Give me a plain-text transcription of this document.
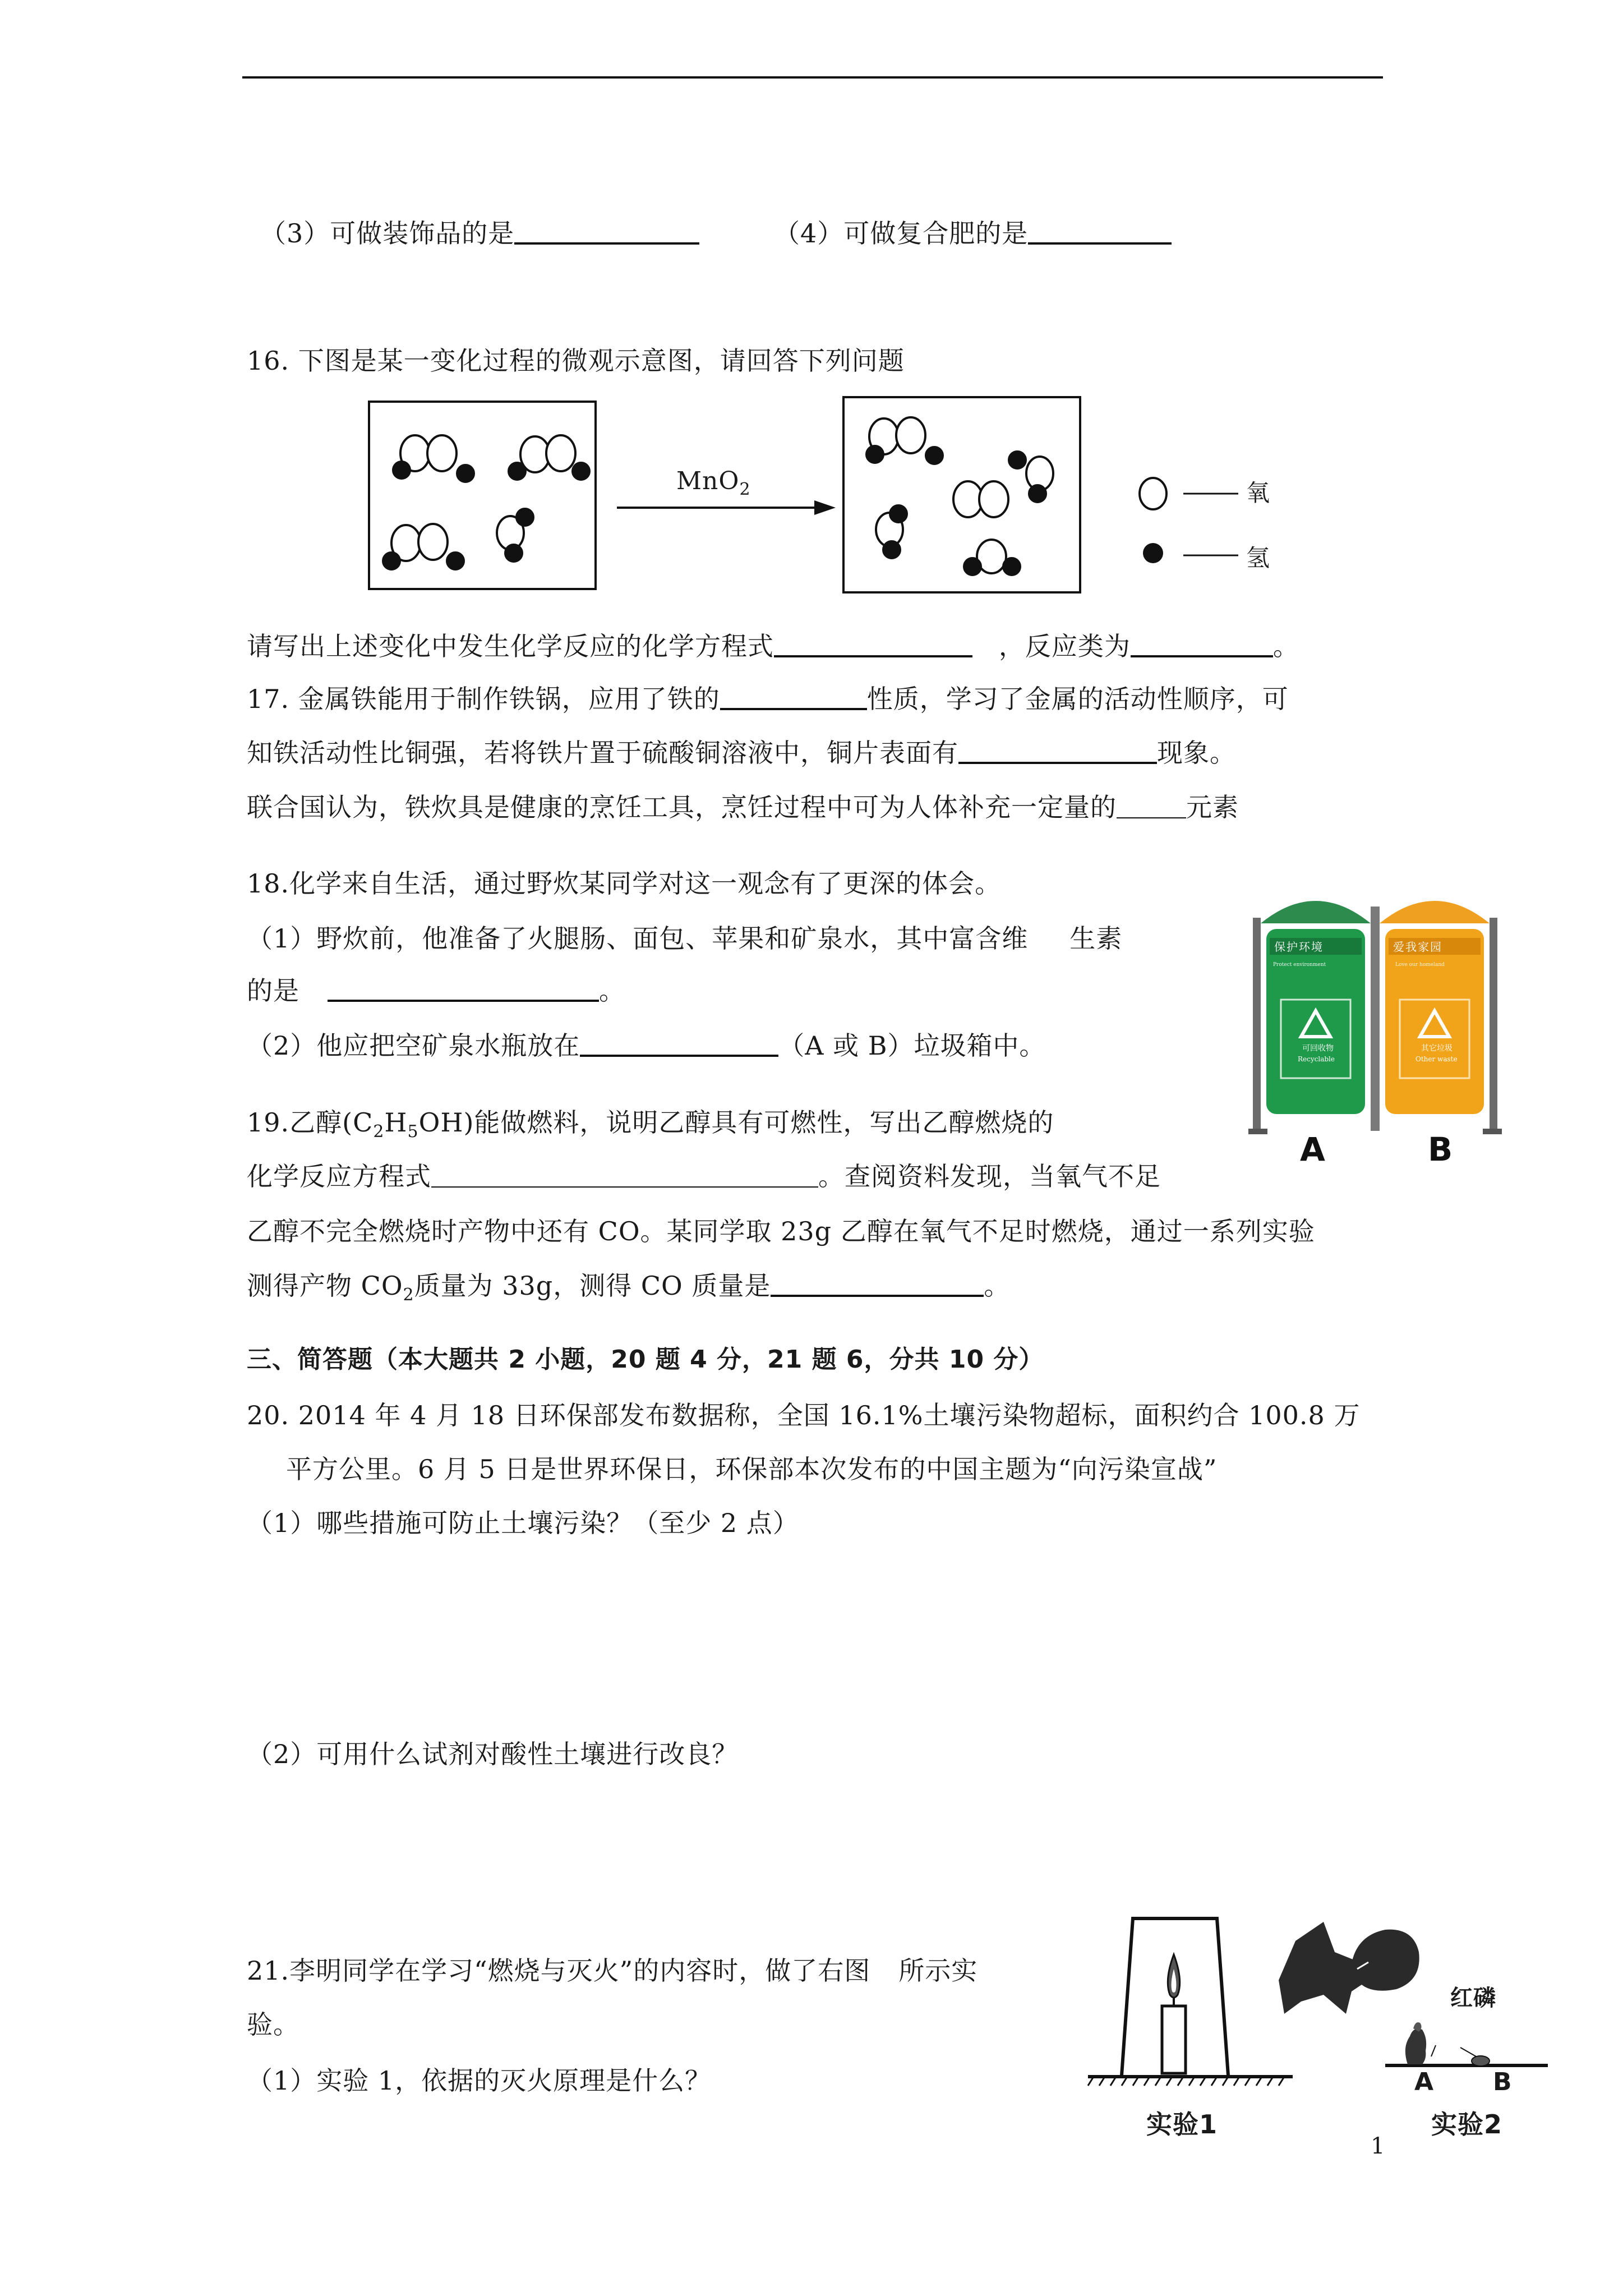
（3）可做装饰品的是	（4）可做复合肥的是
16. 下图是某一变化过程的微观示意图，请回答下列问题
MnO$_2$	氧
氢
请写出上述变化中发生化学反应的化学方程式	，反应类为	。
17. 金属铁能用于制作铁锅，应用了铁的	性质，学习了金属的活动性顺序，可
知铁活动性比铜强，若将铁片置于硫酸铜溶液中，铜片表面有	现象。
联合国认为，铁炊具是健康的烹饪工具，烹饪过程中可为人体补充一定量的	元素
18.化学来自生活，通过野炊某同学对这一观念有了更深的体会。
（1）野炊前，他准备了火腿肠、面包、苹果和矿泉水，其中富含维 生素
的是	。
（2）他应把空矿泉水瓶放在	（A 或 B）垃圾箱中。
保护环境	爱我家园
Protect environment	Love our homeland
可回收物
Recyclable
其它垃圾
Other waste
A	B
19.乙醇$(C_2H_5OH)$能做燃料，说明乙醇具有可燃性，写出乙醇燃烧的
化学反应方程式	。查阅资料发现，当氧气不足
乙醇不完全燃烧时产物中还有 CO。某同学取 23g 乙醇在氧气不足时燃烧，通过一系列实验
测得产物 $CO_2$质量为 33g，测得 CO 质量是	。
三、简答题（本大题共 2 小题，20 题 4 分，21 题 6，分共 10 分）
20. 2014 年 4 月 18 日环保部发布数据称，全国 16.1%土壤污染物超标，面积约合 100.8 万
平方公里。6 月 5 日是世界环保日，环保部本次发布的中国主题为“向污染宣战”
（1）哪些措施可防止土壤污染？（至少 2 点）
（2）可用什么试剂对酸性土壤进行改良？
21.李明同学在学习“燃烧与灭火”的内容时，做了右图 所示实
验。
（1）实验 1，依据的灭火原理是什么？
红磷
A B
实验1	实验2
1
